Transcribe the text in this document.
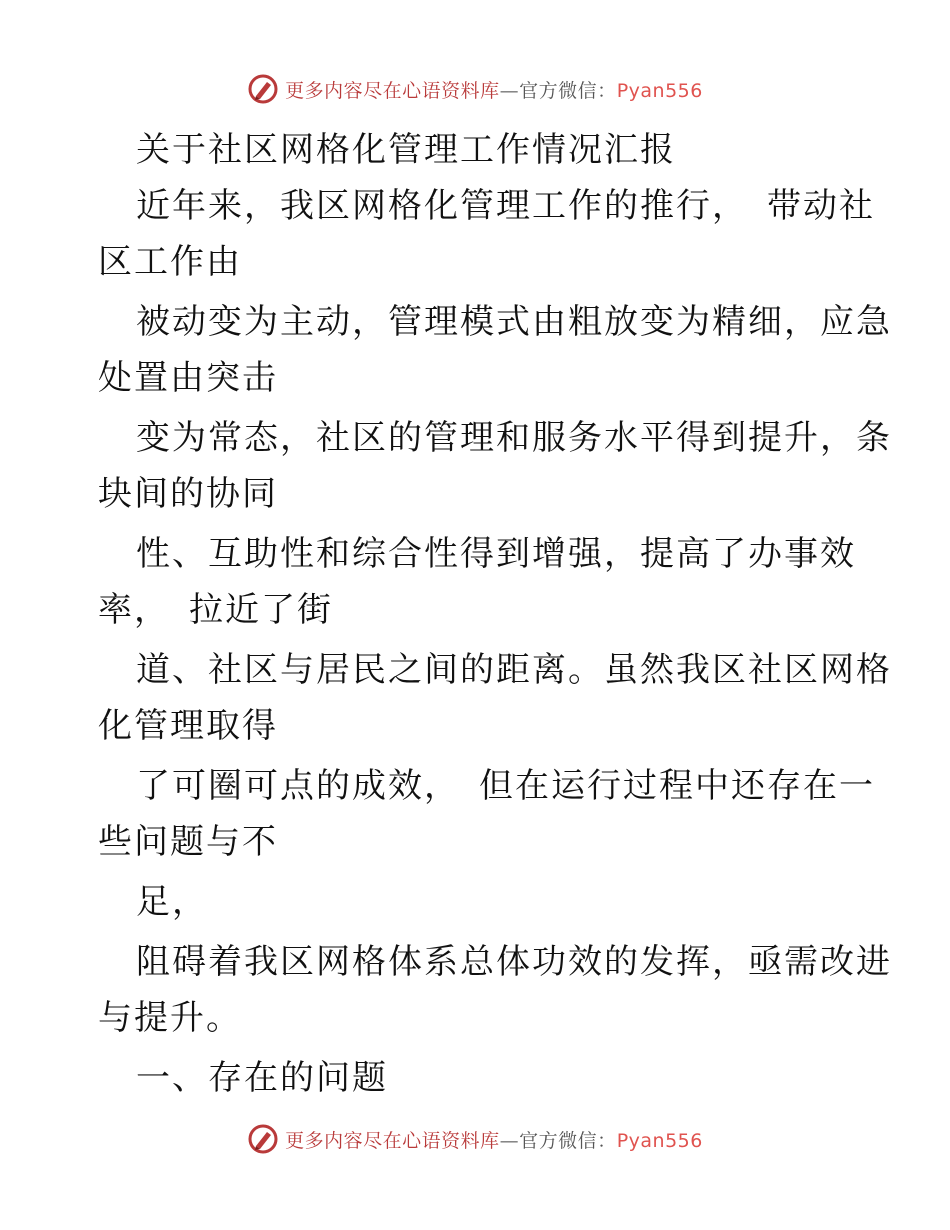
更多内容尽在心语资料库—官方微信：Pyan556
关于社区网格化管理工作情况汇报
近年来，我区网格化管理工作的推行，　带动社
区工作由
被动变为主动，管理模式由粗放变为精细，应急
处置由突击
变为常态，社区的管理和服务水平得到提升，条
块间的协同
性、互助性和综合性得到增强，提高了办事效
率，　拉近了街
道、社区与居民之间的距离。虽然我区社区网格
化管理取得
了可圈可点的成效，　但在运行过程中还存在一
些问题与不
足，
阻碍着我区网格体系总体功效的发挥，亟需改进
与提升。
一、存在的问题
更多内容尽在心语资料库—官方微信：Pyan556
